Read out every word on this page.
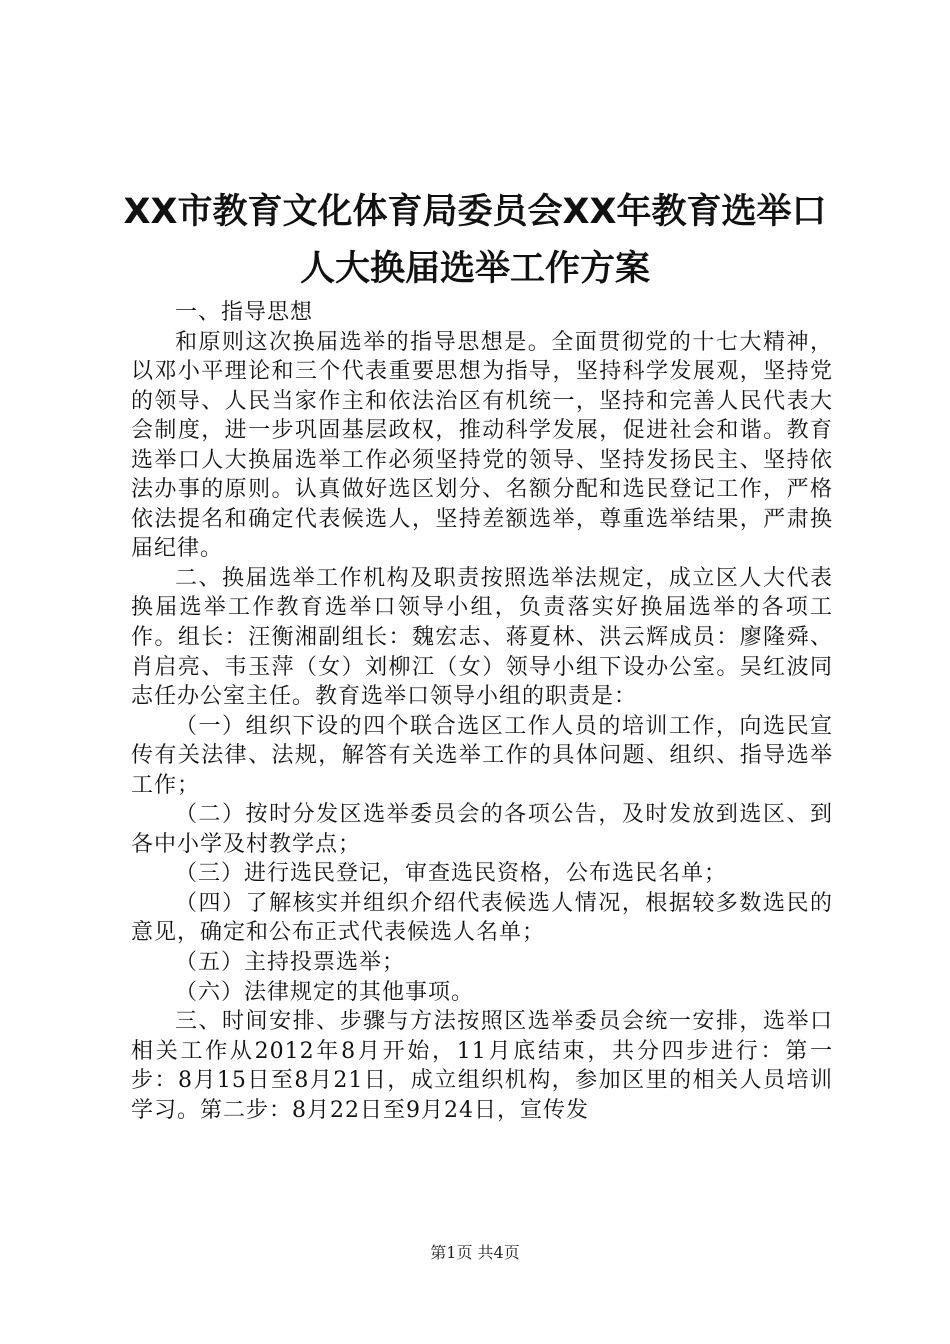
XX市教育文化体育局委员会XX年教育选举口
人大换届选举工作方案

一、指导思想

和原则这次换届选举的指导思想是。全面贯彻党的十七大精神，以邓小平理论和三个代表重要思想为指导，坚持科学发展观，坚持党的领导、人民当家作主和依法治区有机统一，坚持和完善人民代表大会制度，进一步巩固基层政权，推动科学发展，促进社会和谐。教育选举口人大换届选举工作必须坚持党的领导、坚持发扬民主、坚持依法办事的原则。认真做好选区划分、名额分配和选民登记工作，严格依法提名和确定代表候选人，坚持差额选举，尊重选举结果，严肃换届纪律。

二、换届选举工作机构及职责按照选举法规定，成立区人大代表换届选举工作教育选举口领导小组，负责落实好换届选举的各项工作。组长：汪衡湘副组长：魏宏志、蒋夏林、洪云辉成员：廖隆舜、肖启亮、韦玉萍（女）刘柳江（女）领导小组下设办公室。吴红波同志任办公室主任。教育选举口领导小组的职责是：

（一）组织下设的四个联合选区工作人员的培训工作，向选民宣传有关法律、法规，解答有关选举工作的具体问题、组织、指导选举工作；

（二）按时分发区选举委员会的各项公告，及时发放到选区、到各中小学及村教学点；

（三）进行选民登记，审查选民资格，公布选民名单；

（四）了解核实并组织介绍代表候选人情况，根据较多数选民的意见，确定和公布正式代表候选人名单；

（五）主持投票选举；

（六）法律规定的其他事项。

三、时间安排、步骤与方法按照区选举委员会统一安排，选举口相关工作从2012年8月开始，11月底结束，共分四步进行：第一步：8月15日至8月21日，成立组织机构，参加区里的相关人员培训学习。第二步：8月22日至9月24日，宣传发

第1页 共4页
